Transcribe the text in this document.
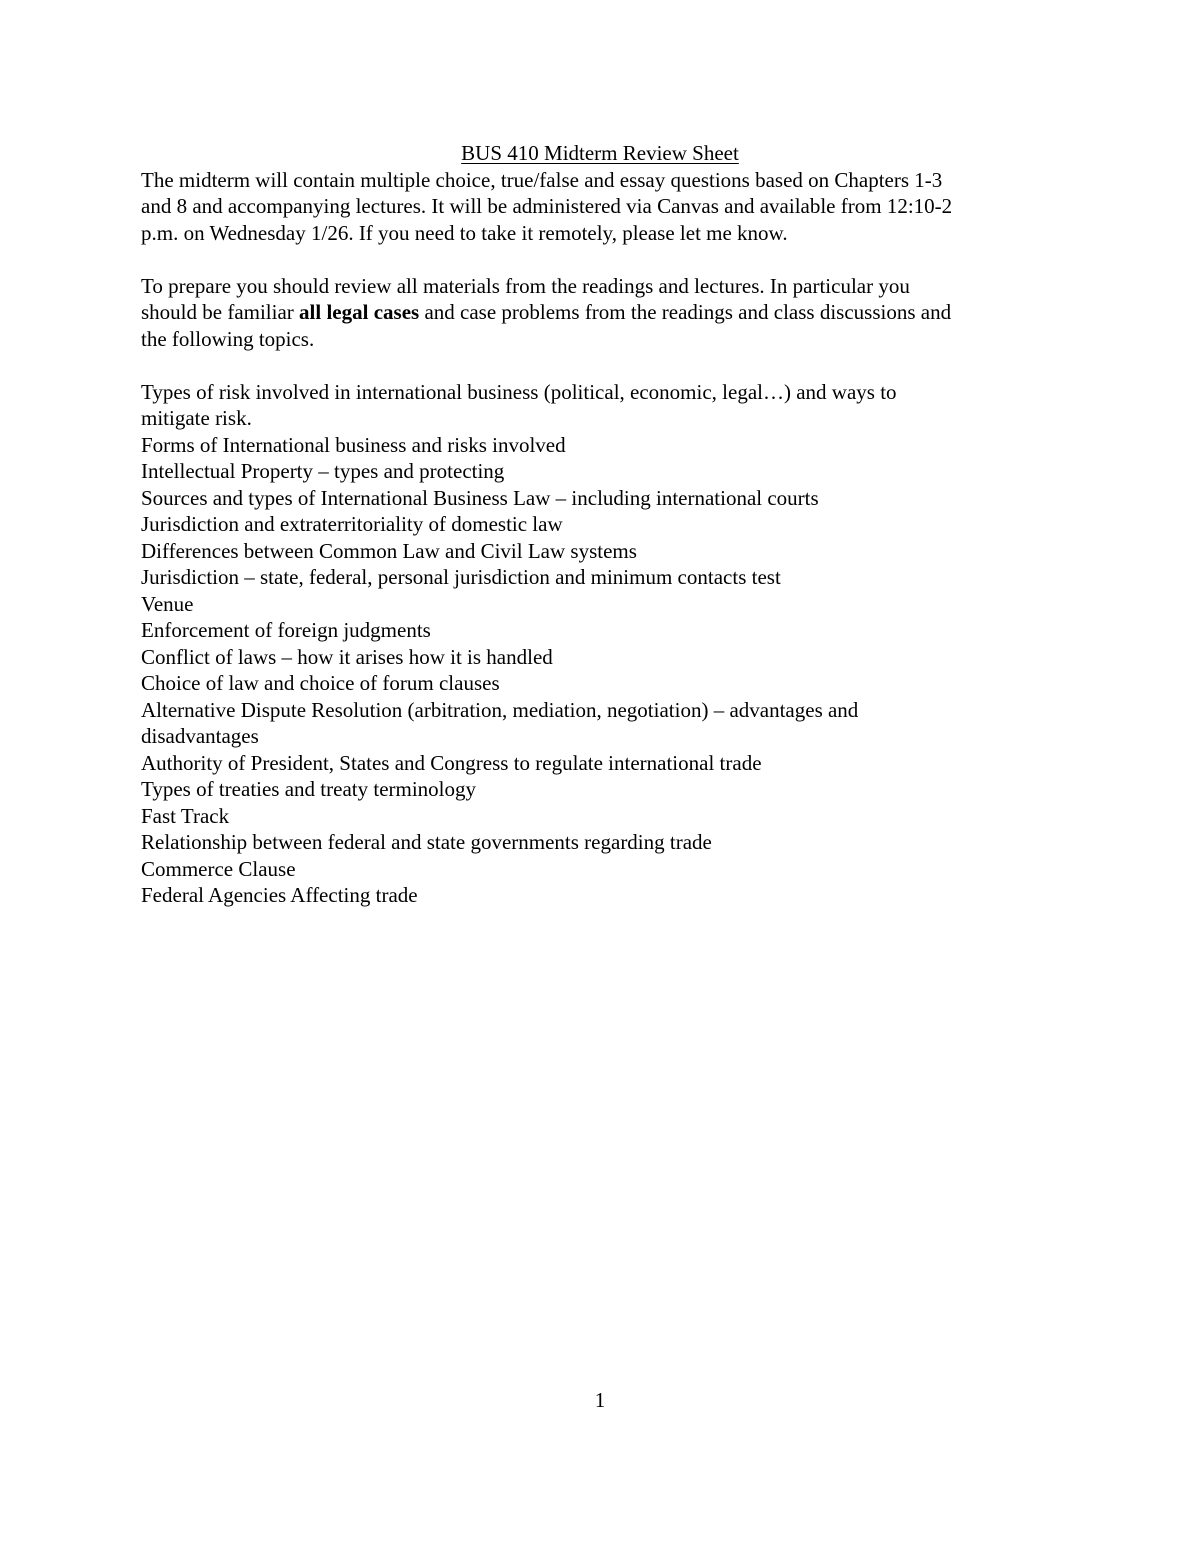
BUS 410 Midterm Review Sheet
The midterm will contain multiple choice, true/false and essay questions based on Chapters 1-3
and 8 and accompanying lectures. It will be administered via Canvas and available from 12:10-2
p.m. on Wednesday 1/26. If you need to take it remotely, please let me know.
To prepare you should review all materials from the readings and lectures. In particular you
should be familiar all legal cases and case problems from the readings and class discussions and
the following topics.
Types of risk involved in international business (political, economic, legal…) and ways to
mitigate risk.
Forms of International business and risks involved
Intellectual Property – types and protecting
Sources and types of International Business Law – including international courts
Jurisdiction and extraterritoriality of domestic law
Differences between Common Law and Civil Law systems
Jurisdiction – state, federal, personal jurisdiction and minimum contacts test
Venue
Enforcement of foreign judgments
Conflict of laws – how it arises how it is handled
Choice of law and choice of forum clauses
Alternative Dispute Resolution (arbitration, mediation, negotiation) – advantages and
disadvantages
Authority of President, States and Congress to regulate international trade
Types of treaties and treaty terminology
Fast Track
Relationship between federal and state governments regarding trade
Commerce Clause
Federal Agencies Affecting trade
1
